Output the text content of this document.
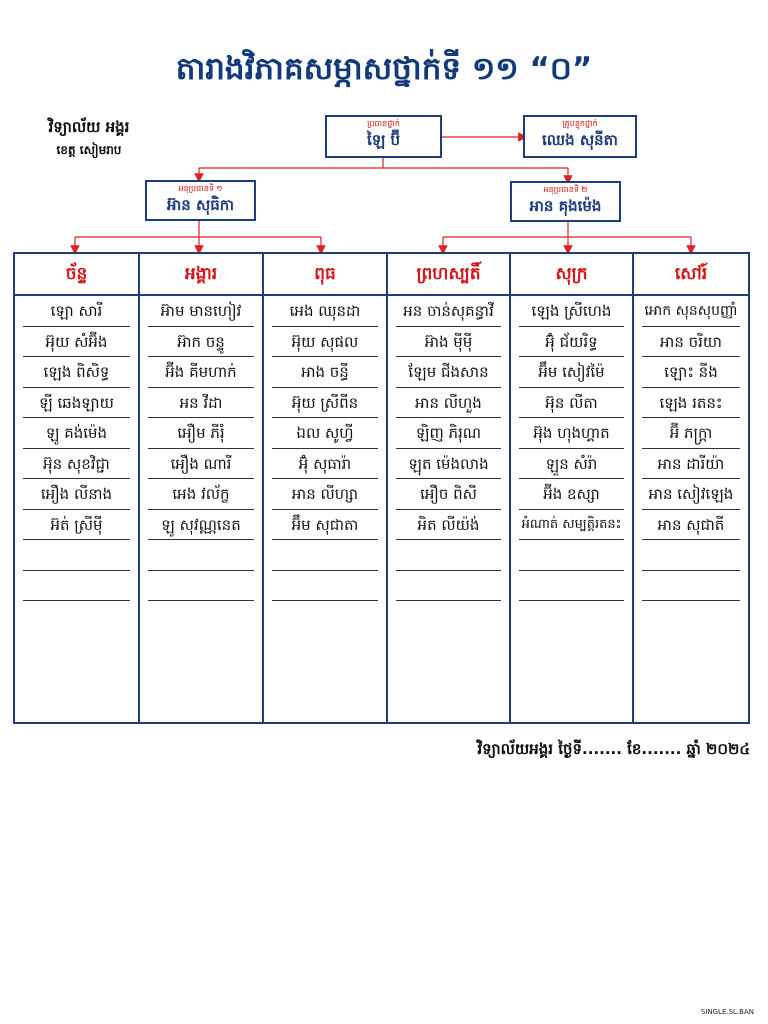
តារាងវិភាគសម្ភាសថ្នាក់ទី ១១ “០”
វិទ្យាល័យ អង្គរ
ខេត្ត សៀមរាប
ប្រធានថ្នាក់
ឡៃ ប៊ី
គ្រូបន្ទុកថ្នាក់
ឈេង សុនីតា
អនុប្រធានទី ១
អ៊ាន សុធិកា
អនុប្រធានទី ២
អាន គុងម៉េង
ច័ន្ទ
ឡោ សារី
អ៊ុយ សំអ៊ីង
ឡេង ពិសិទ្ធ
ឡី ឆេងឡាយ
ឡូ គង់ម៉េង
អ៊ុន សុខវិជ្ជា
អឿង លីនាង
អ៊ត់ ស្រីម៉ី
អង្គារ
អ៊ាម មានហៀវ
អ៊ាក ចន្ទូ
អ៊ីង គីមហាក់
អន វីដា
អឿម ភីរុំ
អឿង ណារី
អេង វល័ក្ខ
ឡូ សុវណ្ណនេត
ពុធ
អេង ឈុនដា
អ៊ុយ សុផល
អាង ចន្ធី
អ៊ុយ ស្រីពីន
ឯល សូហ្វី
អ៊ុំ សុធារ៉ា
អាន លីហ្សា
អ៊ឹម សុជាតា
ព្រហស្បតិ៍
អន ចាន់សុគន្ធាវី
អ៊ាង ម៉ីម៉ី
ឡែម ជីងសាន
អាន លីហួង
ឡិញ ភិរុណ
ឡុត ម៉េងលាង
អឿច ពិសី
អិត លីយ៉ង់
សុក្រ
ឡេង ស្រីហេង
អ៊ុំ ជ័យរិទ្ធ
អ៊ឹម សៀវម៉ៃ
អ៊ុន លីតា
អ៊ុង ហុងហ្គាត
ឡួន សំរ៉ា
អ៊ីង ឧស្សា
អំណាត់ សម្បត្តិរតនះ
សៅរ៍
អោក សុនសុបញ្ញាំ
អាន ចរិយា
ឡោះ នីង
ឡេង រតនះ
អ៊ី ភក្ត្រា
អាន ដារីយ៉ា
អាន សៀវឡេង
អាន សុជាតី
វិទ្យាល័យអង្គរ ថ្ងៃទី....... ខែ....... ឆ្នាំ ២០២៤
SINGLE.SL.BAN
